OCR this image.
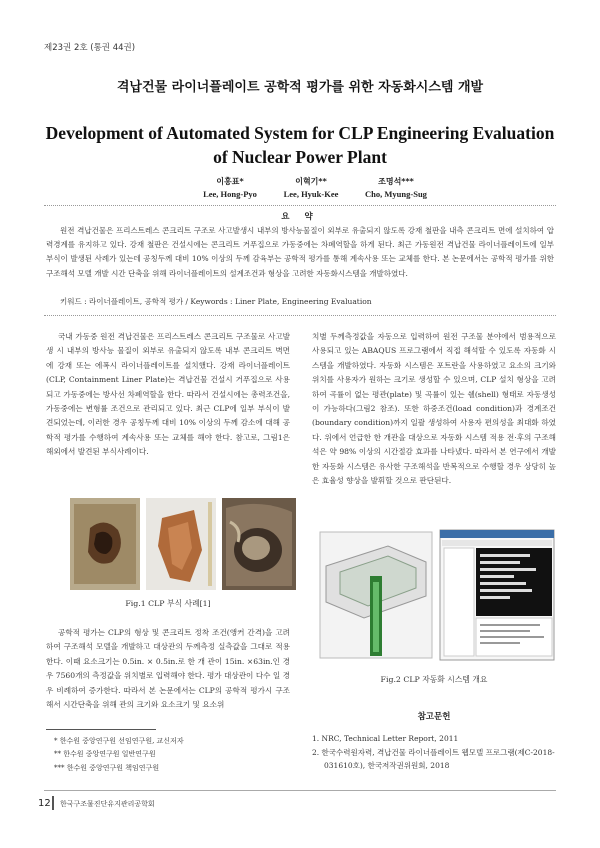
제23권 2호 (통권 44권)
격납건물 라이너플레이트 공학적 평가를 위한 자동화시스템 개발
Development of Automated System for CLP Engineering Evaluation of Nuclear Power Plant
이홍표*
Lee, Hong-Pyo
이혁기**
Lee, Hyuk-Kee
조명석***
Cho, Myung-Sug
요 약
원전 격납건물은 프리스트레스 콘크리트 구조로 사고발생시 내부의 방사능물질이 외부로 유출되지 않도록 강재 철판을 내측 콘크리트 면에 설치하여 압력경계를 유지하고 있다. 강재 철판은 건설시에는 콘크리트 거푸집으로 가동중에는 차폐역할을 하게 된다. 최근 가동원전 격납건물 라이너플레이트에 일부 부식이 발생된 사례가 있는데 공칭두께 대비 10% 이상의 두께 감육부는 공학적 평가를 통해 계속사용 또는 교체를 한다. 본 논문에서는 공학적 평가를 위한 구조해석 모델 개발 시간 단축을 위해 라이너플레이트의 설계조건과 형상을 고려한 자동화시스템을 개발하였다.
키워드 : 라이너플레이트, 공학적 평가 / Keywords : Liner Plate, Engineering Evaluation
국내 가동중 원전 격납건물은 프리스트레스 콘크리트 구조물로 사고발생 시 내부의 방사능 물질이 외부로 유출되지 않도록 내부 콘크리트 벽면에 강재 또는 에폭시 라이너플레이트를 설치했다. 강재 라이너플레이트(CLP, Containment Liner Plate)는 격납건물 건설시 거푸집으로 사용되고 가동중에는 방사선 차폐역할을 한다. 따라서 건설시에는 총력조건을, 가동중에는 변형률 조건으로 관리되고 있다. 최근 CLP에 일부 부식이 발견되었는데, 이러한 경우 공칭두께 대비 10% 이상의 두께 감소에 대해 공학적 평가를 수행하여 계속사용 또는 교체를 해야 한다. 참고로, 그림1은 해외에서 발견된 부식사례이다.
Fig.1 CLP 부식 사례[1]
공학적 평가는 CLP의 형상 및 콘크리트 정착 조건(앵커 간격)을 고려하여 구조해석 모델을 개발하고 대상관의 두께측정 실측값을 그대로 적용한다. 이때 요소크기는 0.5in. × 0.5in.로 한 개 관이 15in. ×63in.인 경우 7560개의 측정값을 위치별로 입력해야 한다. 평가 대상관이 다수 일 경우 비례하여 증가한다. 따라서 본 논문에서는 CLP의 공학적 평가시 구조해서 시간단축을 위해 관의 크기와 요소크기 및 요소위
* 한수원 중앙연구원 선임연구원, 교신저자
** 한수원 중앙연구원 일반연구원
*** 한수원 중앙연구원 책임연구원
치별 두께측정값을 자동으로 입력하여 원전 구조물 분야에서 범용적으로 사용되고 있는 ABAQUS 프로그램에서 직접 해석할 수 있도록 자동화 시스템을 개발하였다. 자동화 시스템은 포트란을 사용하였고 요소의 크기와 위치를 사용자가 원하는 크기로 생성할 수 있으며, CLP 설치 형상을 고려하여 곡률이 없는 평관(plate) 및 곡률이 있는 쉘(shell) 형태로 자동생성이 가능하다(그림2 참조). 또한 하중조건(load condition)과 경계조건(boundary condition)까지 일괄 생성하여 사용자 편의성을 최대화 하였다. 위에서 언급한 한 개관을 대상으로 자동화 시스템 적용 전·후의 구조해석은 약 98% 이상의 시간절감 효과를 나타냈다. 따라서 본 연구에서 개발한 자동화 시스템은 유사한 구조해석을 반복적으로 수행할 경우 상당히 높은 효율성 향상을 발휘할 것으로 판단된다.
Fig.2 CLP 자동화 시스템 개요
참고문헌
1. NRC, Technical Letter Report, 2011
2. 한국수력원자력, 격납건물 라이너플레이트 웹모델 프로그램(제C-2018-031610호), 한국저작권위원회, 2018
12 한국구조물진단유지관리공학회
